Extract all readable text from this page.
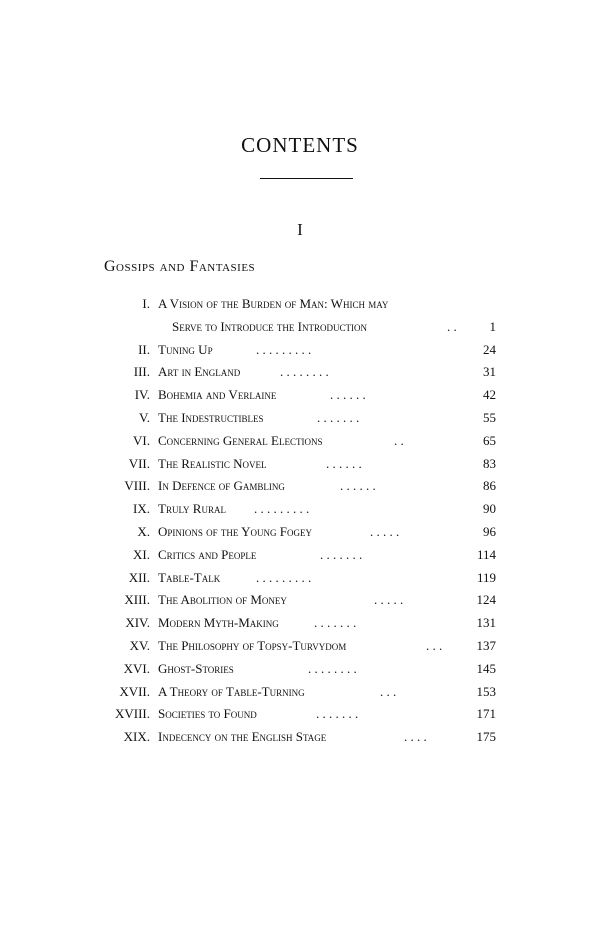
CONTENTS
I
Gossips and Fantasies
I. A Vision of the Burden of Man: Which may
Serve to Introduce the Introduction	. .	1
II. Tuning Up	. . . . . . . . .	24
III. Art in England	. . . . . . . .	31
IV. Bohemia and Verlaine	. . . . . .	42
V. The Indestructibles	. . . . . . .	55
VI. Concerning General Elections	. .	65
VII. The Realistic Novel	. . . . . .	83
VIII. In Defence of Gambling	. . . . . .	86
IX. Truly Rural . . . . . . . . .	90
X. Opinions of the Young Fogey	. . . . .	96
XI. Critics and People	. . . . . . .	114
XII. Table-Talk	. . . . . . . . .	119
XIII. The Abolition of Money	. . . . .	124
XIV. Modern Myth-Making	. . . . . . .	131
XV. The Philosophy of Topsy-Turvydom	. . .	137
XVI. Ghost-Stories	. . . . . . . .	145
XVII. A Theory of Table-Turning	. . .	153
XVIII. Societies to Found	. . . . . . .	171
XIX. Indecency on the English Stage	. . . .	175
